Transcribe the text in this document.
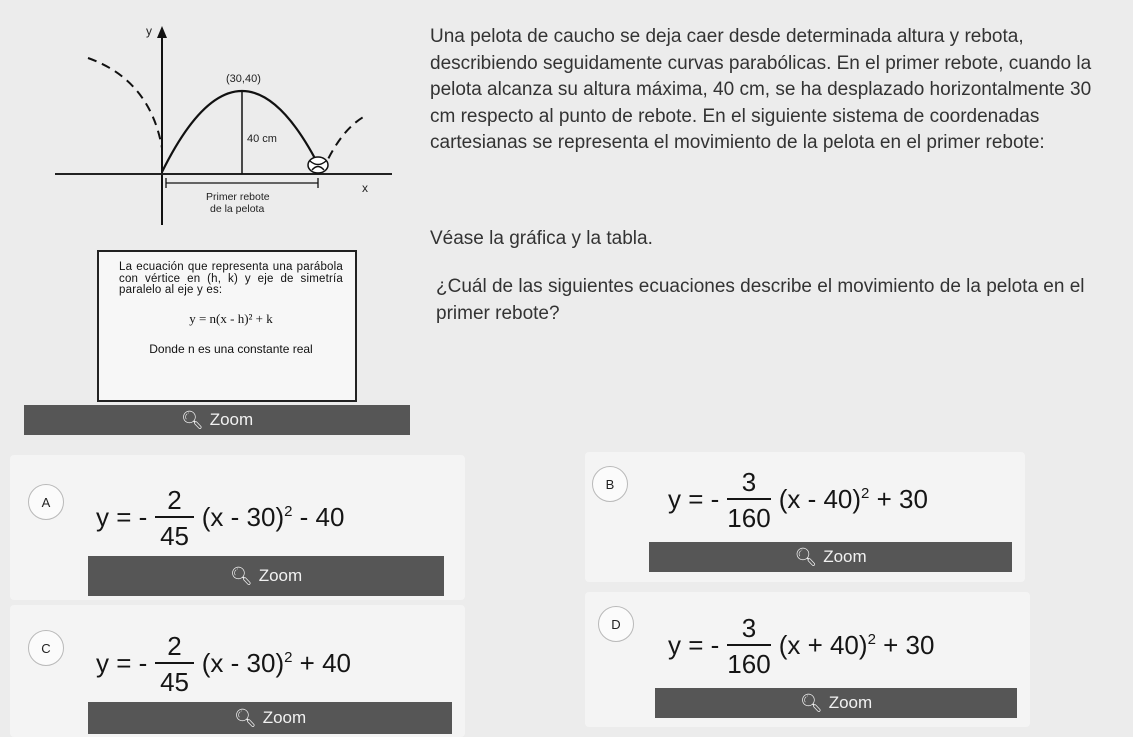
y
x
(30,40)
40 cm
Primer rebote
de la pelota
Una pelota de caucho se deja caer desde determinada altura y rebota, describiendo seguidamente curvas parabólicas. En el primer rebote, cuando la pelota alcanza su altura máxima, 40 cm, se ha desplazado horizontalmente 30 cm respecto al punto de rebote. En el siguiente sistema de coordenadas cartesianas se representa el movimiento de la pelota en el primer rebote:
Véase la gráfica y la tabla.
¿Cuál de las siguientes ecuaciones describe el movimiento de la pelota en el primer rebote?
La ecuación que representa una parábola con vértice en (h, k) y eje de simetría paralelo al eje y es:
y = n(x - h)² + k
Donde n es una constante real
🔍︎ Zoom
A	y = - $\frac{2}{45} (x - 30)^2 - 40$
🔍︎ Zoom
B	y = - $\frac{3}{160} (x - 40)^2 + 30$
🔍︎ Zoom
C	y = - $\frac{2}{45} (x - 30)^2 + 40$
🔍︎ Zoom
D
y = - $\frac{3}{160} (x + 40)^2 + 30$
🔍︎ Zoom
